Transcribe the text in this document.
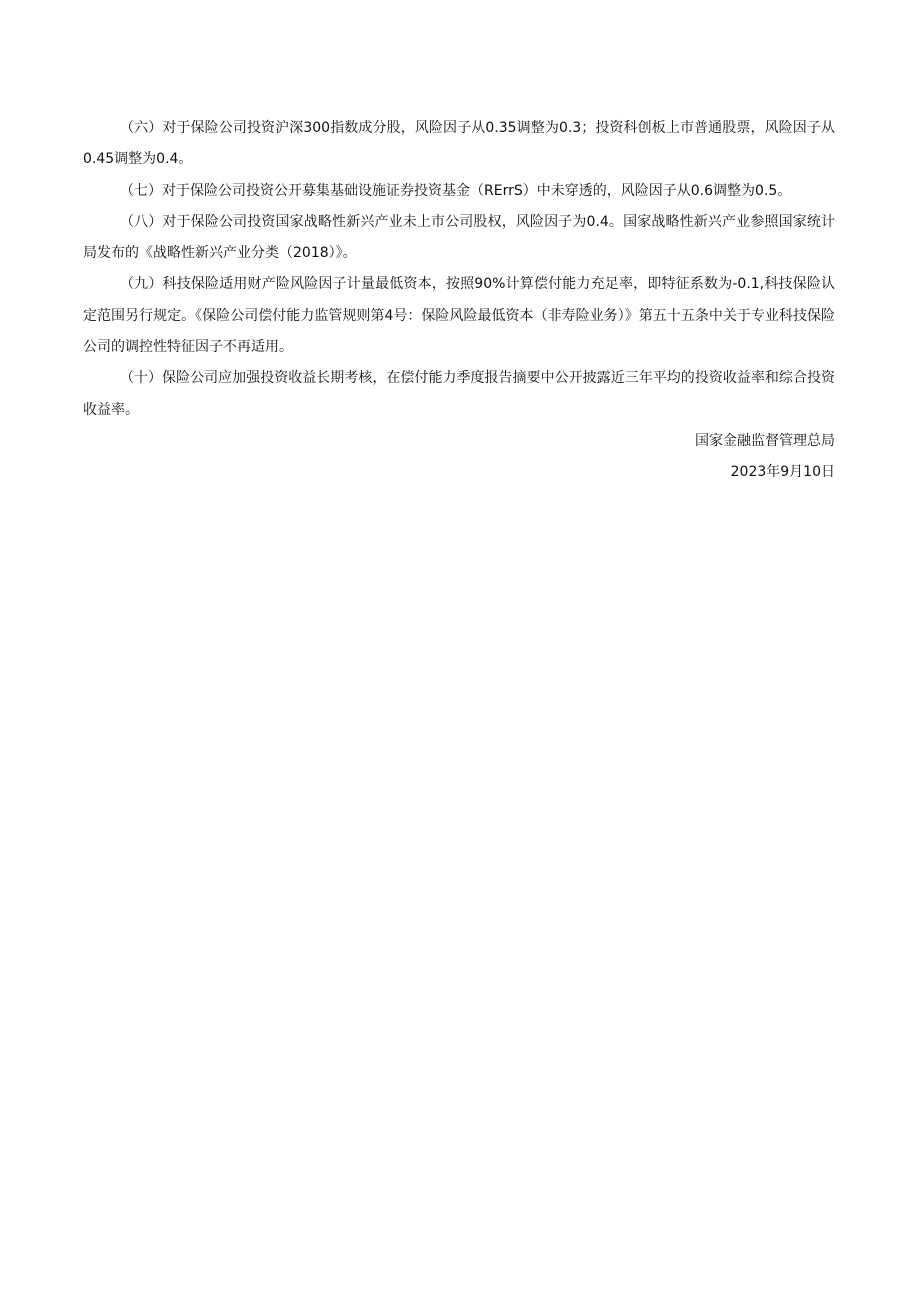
（六）对于保险公司投资沪深300指数成分股，风险因子从0.35调整为0.3；投资科创板上市普通股票，风险因子从0.45调整为0.4。

（七）对于保险公司投资公开募集基础设施证券投资基金（RErrS）中未穿透的，风险因子从0.6调整为0.5。

（八）对于保险公司投资国家战略性新兴产业未上市公司股权，风险因子为0.4。国家战略性新兴产业参照国家统计局发布的《战略性新兴产业分类（2018）》。

（九）科技保险适用财产险风险因子计量最低资本，按照90%计算偿付能力充足率，即特征系数为-0.1,科技保险认定范围另行规定。《保险公司偿付能力监管规则第4号：保险风险最低资本（非寿险业务）》第五十五条中关于专业科技保险公司的调控性特征因子不再适用。

（十）保险公司应加强投资收益长期考核，在偿付能力季度报告摘要中公开披露近三年平均的投资收益率和综合投资收益率。

国家金融监督管理总局

2023年9月10日
